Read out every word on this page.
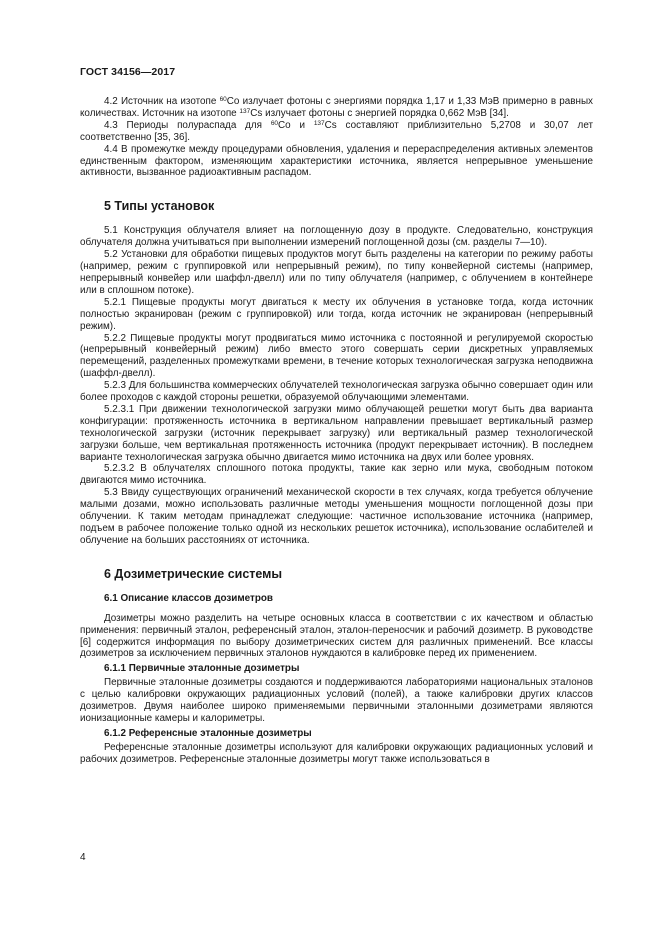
ГОСТ 34156—2017

4.2 Источник на изотопе $^{60}$Co излучает фотоны с энергиями порядка 1,17 и 1,33 МэВ примерно в равных количествах. Источник на изотопе $^{137}$Cs излучает фотоны с энергией порядка 0,662 МэВ [34].

4.3 Периоды полураспада для $^{60}$Co и $^{137}$Cs составляют приблизительно 5,2708 и 30,07 лет соответственно [35, 36].

4.4 В промежутке между процедурами обновления, удаления и перераспределения активных элементов единственным фактором, изменяющим характеристики источника, является непрерывное уменьшение активности, вызванное радиоактивным распадом.

5 Типы установок

5.1 Конструкция облучателя влияет на поглощенную дозу в продукте. Следовательно, конструкция облучателя должна учитываться при выполнении измерений поглощенной дозы (см. разделы 7—10).

5.2 Установки для обработки пищевых продуктов могут быть разделены на категории по режиму работы (например, режим с группировкой или непрерывный режим), по типу конвейерной системы (например, непрерывный конвейер или шаффл-двелл) или по типу облучателя (например, с облучением в контейнере или в сплошном потоке).

5.2.1 Пищевые продукты могут двигаться к месту их облучения в установке тогда, когда источник полностью экранирован (режим с группировкой) или тогда, когда источник не экранирован (непрерывный режим).

5.2.2 Пищевые продукты могут продвигаться мимо источника с постоянной и регулируемой скоростью (непрерывный конвейерный режим) либо вместо этого совершать серии дискретных управляемых перемещений, разделенных промежутками времени, в течение которых технологическая загрузка неподвижна (шаффл-двелл).

5.2.3 Для большинства коммерческих облучателей технологическая загрузка обычно совершает один или более проходов с каждой стороны решетки, образуемой облучающими элементами.

5.2.3.1 При движении технологической загрузки мимо облучающей решетки могут быть два варианта конфигурации: протяженность источника в вертикальном направлении превышает вертикальный размер технологической загрузки (источник перекрывает загрузку) или вертикальный размер технологической загрузки больше, чем вертикальная протяженность источника (продукт перекрывает источник). В последнем варианте технологическая загрузка обычно двигается мимо источника на двух или более уровнях.

5.2.3.2 В облучателях сплошного потока продукты, такие как зерно или мука, свободным потоком двигаются мимо источника.

5.3 Ввиду существующих ограничений механической скорости в тех случаях, когда требуется облучение малыми дозами, можно использовать различные методы уменьшения мощности поглощенной дозы при облучении. К таким методам принадлежат следующие: частичное использование источника (например, подъем в рабочее положение только одной из нескольких решеток источника), использование ослабителей и облучение на больших расстояниях от источника.

6 Дозиметрические системы
6.1 Описание классов дозиметров

Дозиметры можно разделить на четыре основных класса в соответствии с их качеством и областью применения: первичный эталон, референсный эталон, эталон-переносчик и рабочий дозиметр. В руководстве [6] содержится информация по выбору дозиметрических систем для различных применений. Все классы дозиметров за исключением первичных эталонов нуждаются в калибровке перед их применением.

6.1.1 Первичные эталонные дозиметры

Первичные эталонные дозиметры создаются и поддерживаются лабораториями национальных эталонов с целью калибровки окружающих радиационных условий (полей), а также калибровки других классов дозиметров. Двумя наиболее широко применяемыми первичными эталонными дозиметрами являются ионизационные камеры и калориметры.

6.1.2 Референсные эталонные дозиметры

Референсные эталонные дозиметры используют для калибровки окружающих радиационных условий и рабочих дозиметров. Референсные эталонные дозиметры могут также использоваться в

4
